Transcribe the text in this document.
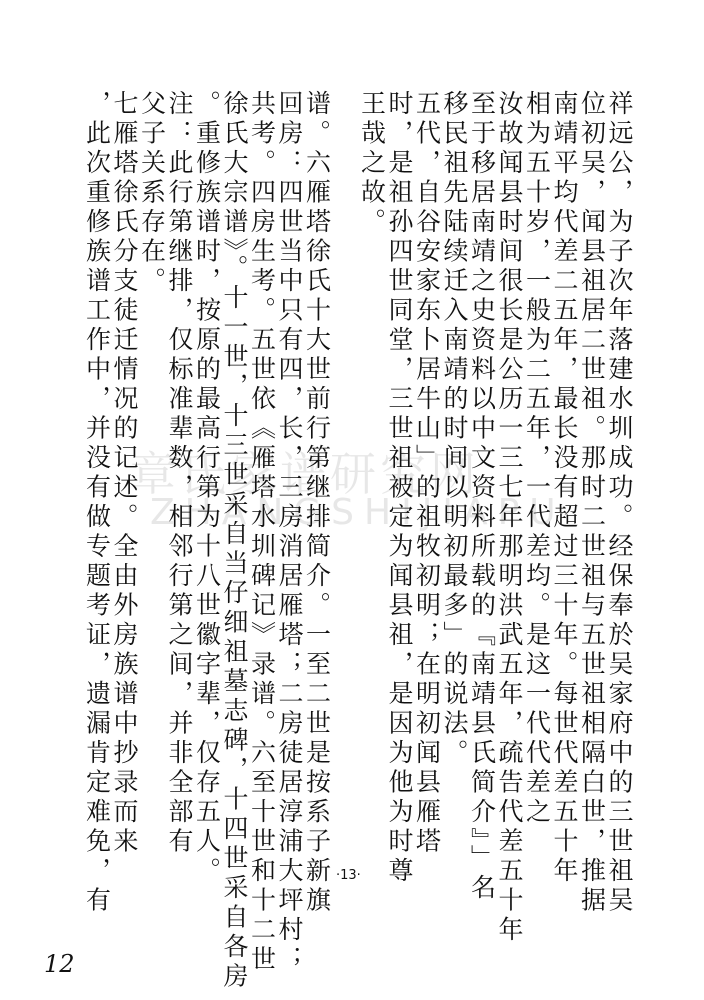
章氏家谱研究网
ZHANGSHIJIAPU 祥远公，为子次年落建水圳成功。经保奉於吴家府中的三世祖吴
位初吴，闻县祖居二世祖。那时二世祖与五世祖相隔白世，推据
南靖平均代差二五年，最长没有超过三十年。每世代差五十年
相为五十岁，一般为二五年，一代差均。是这一代代差之
汝故闻县时间很长是公历一三七年那明洪武五年，疏告代差五十年
至于移居南靖之史资料以中文资料所载的『南靖县氏简介』」名
移民祖先陆续迁入南靖的时间以明初最多」的说法。
五代，自谷安家东卜居牛山」的祖牧初明；在明初闻县雁塔
时，是祖孙四世同堂，三世祖被定为闻县祖，是因为他为时尊
王哉之故。
谱。六雁塔徐氏十大世前行第继排简介。一至二世是按系子新旗
回房：四世当中只有四，长，三房消居雁塔；二房徒居淳浦大坪村；
共考。四房生考。五世依《雁塔水圳碑记》录谱。六至十世和十二世
徐氏大宗谱》。十一世，十三世采自当仔细祖墓志碑，十四世采自各房
。重修族谱时，按原的最高行第为十八世徽字辈，仅存五人。
注：此行第继排，仅标准辈数，相邻行第之间，并非全部有
父子关系存在。
七雁塔徐氏分支徒迁情况的记述。全由外房族谱中抄录而来
，此次重修族谱工作中，并没有做专题考证，遗漏肯定难免，有	·13·
12
